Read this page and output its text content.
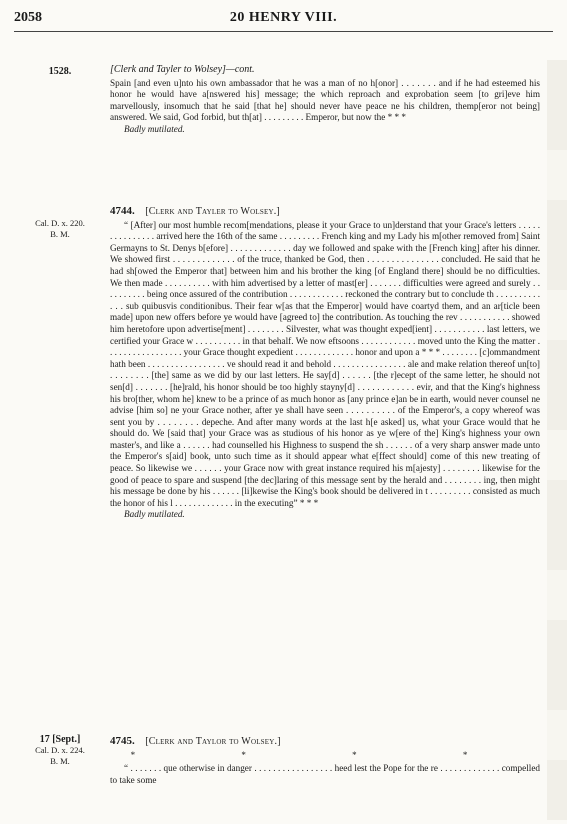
2058	20 HENRY VIII.
1528.	[Clerk and Tayler to Wolsey]—cont.

Spain [and even u]nto his own ambassador that he was a man of no h[onor] . . . . . . . and if he had esteemed his honor he would have a[nswered his] message; the which reproach and exprobation seem [to gri]eve him marvellously, insomuch that he said [that he] should never have peace ne his children, themp[eror not being] answered. We said, God forbid, but th[at] . . . . . . . . . Emperor, but now the * * *

Badly mutilated.
Cal. D. x. 220.
B. M.
4744. [Clerk and Tayler to Wolsey.]

“ [After] our most humble recom[mendations, please it your Grace to un]derstand that your Grace's letters . . . . . . . . . . . . . . . arrived here the 16th of the same . . . . . . . . . French king and my Lady his m[other removed from] Saint Germayns to St. Denys b[efore] . . . . . . . . . . . . . day we followed and spake with the [French king] after his dinner. We showed first . . . . . . . . . . . . . of the truce, thanked be God, then . . . . . . . . . . . . . . . concluded. He said that he had sh[owed the Emperor that] between him and his brother the king [of England there] should be no difficulties. We then made . . . . . . . . . . with him advertised by a letter of mast[er] . . . . . . . difficulties were agreed and surely . . . . . . . . . . being once assured of the contribution . . . . . . . . . . . . reckoned the contrary but to conclude th . . . . . . . . . . . . . sub quibusvis conditionibus. Their fear w[as that the Emperor] would have coartyd them, and an ar[ticle been made] upon new offers before ye would have [agreed to] the contribution. As touching the rev . . . . . . . . . . . showed him heretofore upon advertise[ment] . . . . . . . . Silvester, what was thought exped[ient] . . . . . . . . . . . last letters, we certified your Grace w . . . . . . . . . . in that behalf. We now eftsoons . . . . . . . . . . . . moved unto the King the matter . . . . . . . . . . . . . . . . . your Grace thought expedient . . . . . . . . . . . . . honor and upon a * * * . . . . . . . . [c]ommandment hath been . . . . . . . . . . . . . . . . . ve should read it and behold . . . . . . . . . . . . . . . . ale and make relation thereof un[to] . . . . . . . . [the] same as we did by our last letters. He say[d] . . . . . . [the r]ecept of the same letter, he should not sen[d] . . . . . . . [he]rald, his honor should be too highly stayny[d] . . . . . . . . . . . . evir, and that the King's highness his bro[ther, whom he] knew to be a prince of as much honor as [any prince e]an be in earth, would never counsel ne advise [him so] ne your Grace nother, after ye shall have seen . . . . . . . . . . of the Emperor's, a copy whereof was sent you by . . . . . . . . depeche. And after many words at the last h[e asked] us, what your Grace would that he should do. We [said that] your Grace was as studious of his honor as ye w[ere of the] King's highness your own master's, and like a . . . . . . had counselled his Highness to suspend the sh . . . . . . of a very sharp answer made unto the Emperor's s[aid] book, unto such time as it should appear what e[ffect should] come of this new treating of peace. So likewise we . . . . . . your Grace now with great instance required his m[ajesty] . . . . . . . . likewise for the good of peace to spare and suspend [the dec]laring of this message sent by the herald and . . . . . . . . ing, then might his message be done by his . . . . . . [li]kewise the King's book should be delivered in t . . . . . . . . . consisted as much the honor of his l . . . . . . . . . . . . . in the executing” * * *

Badly mutilated.
17 [Sept.]
Cal. D. x. 224.
B. M.
4745. [Clerk and Taylor to Wolsey.]
* * * *

“ . . . . . . . que otherwise in danger . . . . . . . . . . . . . . . . . heed lest the Pope for the re . . . . . . . . . . . . . compelled to take some
